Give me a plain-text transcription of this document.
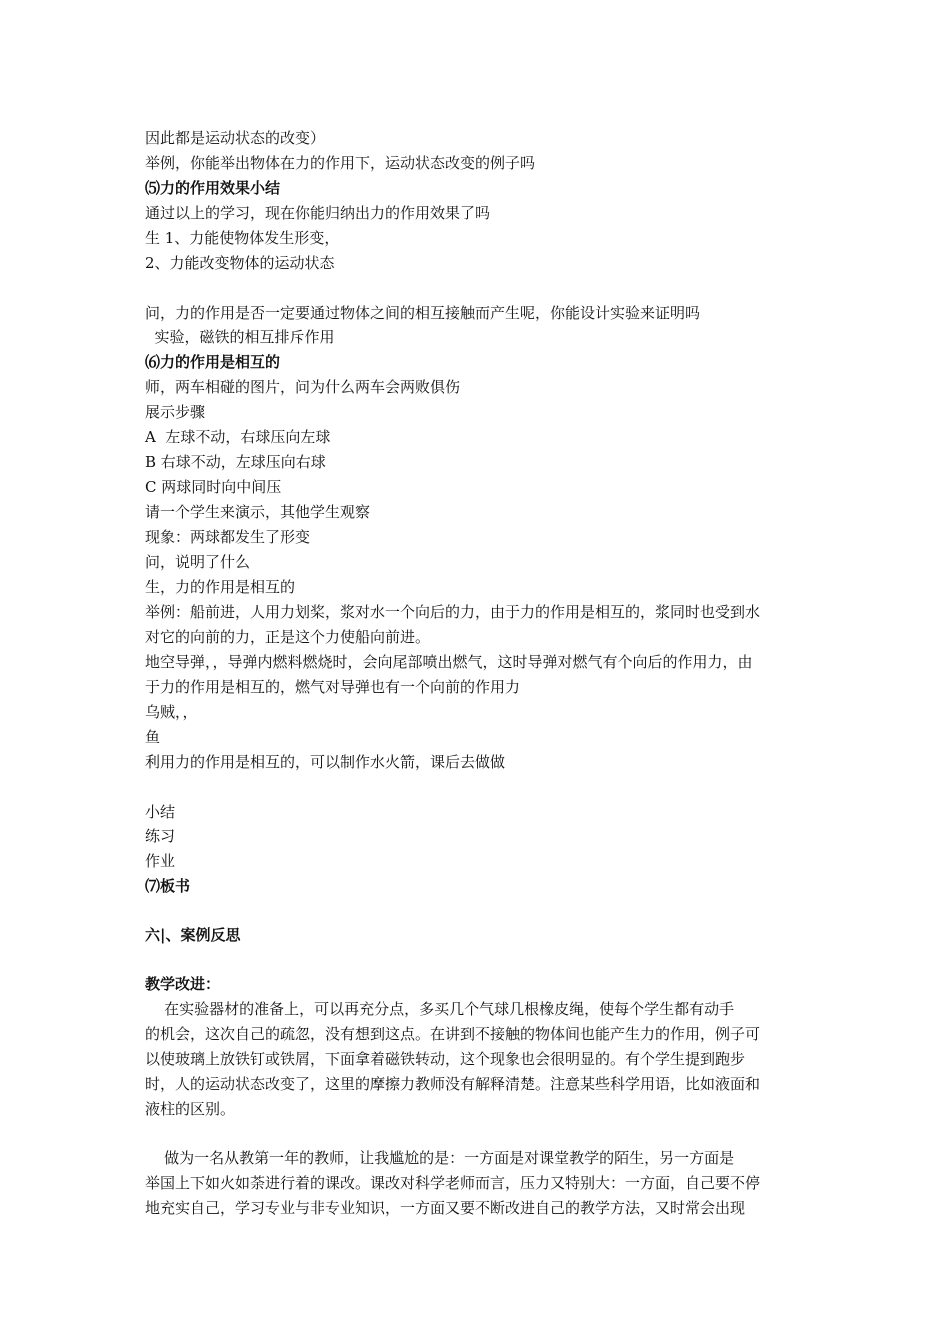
因此都是运动状态的改变）
举例，你能举出物体在力的作用下，运动状态改变的例子吗
⑸力的作用效果小结
通过以上的学习，现在你能归纳出力的作用效果了吗
生 1、力能使物体发生形变，
2、力能改变物体的运动状态
问，力的作用是否一定要通过物体之间的相互接触而产生呢，你能设计实验来证明吗
实验，磁铁的相互排斥作用
⑹力的作用是相互的
师，两车相碰的图片，问为什么两车会两败俱伤
展示步骤
A  左球不动，右球压向左球
B 右球不动，左球压向右球
C 两球同时向中间压
请一个学生来演示，其他学生观察
现象：两球都发生了形变
问，说明了什么
生，力的作用是相互的
举例：船前进，人用力划桨，浆对水一个向后的力，由于力的作用是相互的，浆同时也受到水
对它的向前的力，正是这个力使船向前进。
地空导弹，，导弹内燃料燃烧时，会向尾部喷出燃气，这时导弹对燃气有个向后的作用力，由
于力的作用是相互的，燃气对导弹也有一个向前的作用力
乌贼，，
鱼
利用力的作用是相互的，可以制作水火箭，课后去做做
小结
练习
作业
⑺板书
六|、案例反思
教学改进：
在实验器材的准备上，可以再充分点，多买几个气球几根橡皮绳，使每个学生都有动手
的机会，这次自己的疏忽，没有想到这点。在讲到不接触的物体间也能产生力的作用，例子可
以使玻璃上放铁钉或铁屑，下面拿着磁铁转动，这个现象也会很明显的。有个学生提到跑步
时，人的运动状态改变了，这里的摩擦力教师没有解释清楚。注意某些科学用语，比如液面和
液柱的区别。
做为一名从教第一年的教师，让我尴尬的是：一方面是对课堂教学的陌生，另一方面是
举国上下如火如荼进行着的课改。课改对科学老师而言，压力又特别大：一方面，自己要不停
地充实自己，学习专业与非专业知识，一方面又要不断改进自己的教学方法，又时常会出现
